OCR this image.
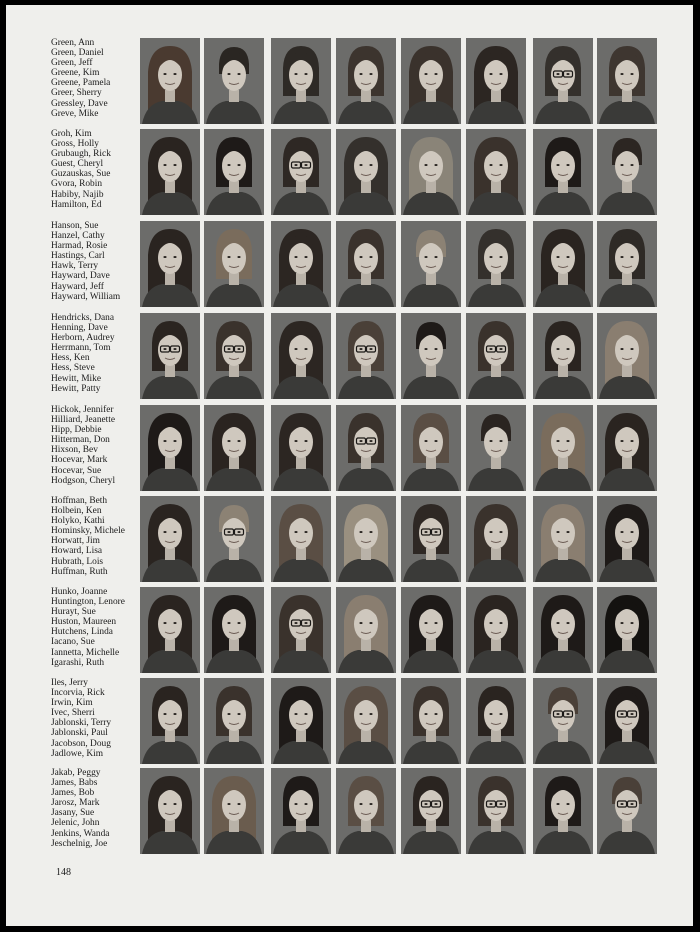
Green, Ann
Green, Daniel
Green, Jeff
Greene, Kim
Greene, Pamela
Greer, Sherry
Gressley, Dave
Greve, Mike
Groh, Kim
Gross, Holly
Grubaugh, Rick
Guest, Cheryl
Guzauskas, Sue
Gvora, Robin
Habiby, Najib
Hamilton, Ed
Hanson, Sue
Hanzel, Cathy
Harmad, Rosie
Hastings, Carl
Hawk, Terry
Hayward, Dave
Hayward, Jeff
Hayward, William
Hendricks, Dana
Henning, Dave
Herborn, Audrey
Herrmann, Tom
Hess, Ken
Hess, Steve
Hewitt, Mike
Hewitt, Patty
Hickok, Jennifer
Hilliard, Jeanette
Hipp, Debbie
Hitterman, Don
Hixson, Bev
Hocevar, Mark
Hocevar, Sue
Hodgson, Cheryl
Hoffman, Beth
Holbein, Ken
Holyko, Kathi
Hominsky, Michele
Horwatt, Jim
Howard, Lisa
Hubrath, Lois
Huffman, Ruth
Hunko, Joanne
Huntington, Lenore
Hurayt, Sue
Huston, Maureen
Hutchens, Linda
Iacano, Sue
Iannetta, Michelle
Igarashi, Ruth
Iles, Jerry
Incorvia, Rick
Irwin, Kim
Ivec, Sherri
Jablonski, Terry
Jablonski, Paul
Jacobson, Doug
Jadlowe, Kim
Jakab, Peggy
James, Babs
James, Bob
Jarosz, Mark
Jasany, Sue
Jelenic, John
Jenkins, Wanda
Jeschelnig, Joe
148
